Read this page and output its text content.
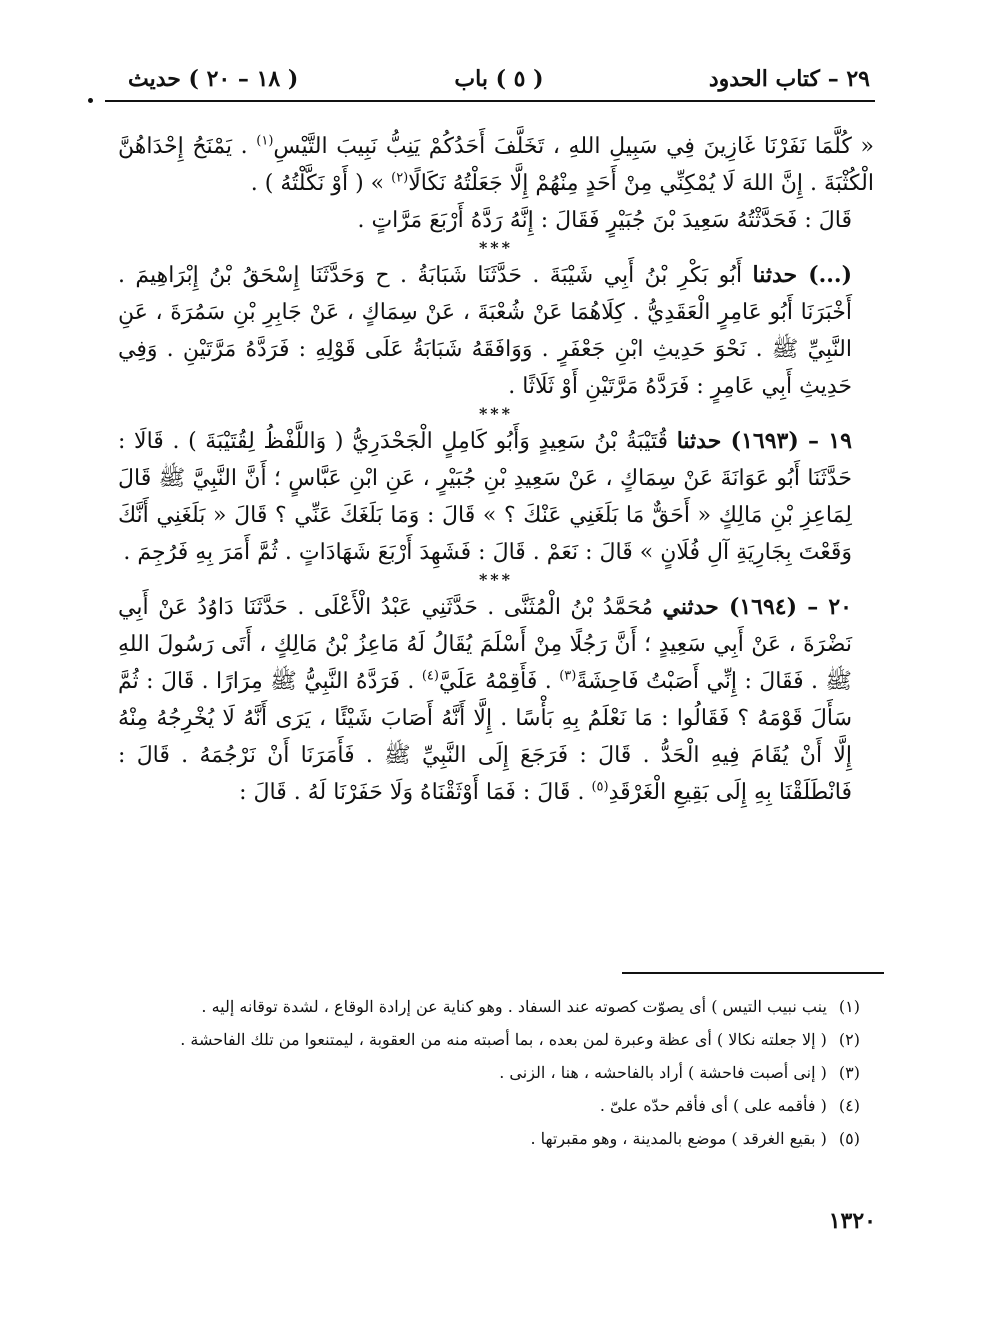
٢٩ – كتاب الحدود
( ٥ ) باب
( ١٨ – ٢٠ ) حديث

« كُلَّمَا نَفَرْنَا غَازِينَ فِي سَبِيلِ اللهِ ، تَخَلَّفَ أَحَدُكُمْ يَنِبُّ نَبِيبَ التَّيْسِ$^{(١)}$ . يَمْنَحُ إِحْدَاهُنَّ الْكُثْبَةَ . إِنَّ اللهَ لَا يُمْكِنِّي مِنْ أَحَدٍ مِنْهُمْ إِلَّا جَعَلْتُهُ نَكَالًا$^{(٢)}$ » ( أَوْ نَكَّلْتُهُ ) .

قَالَ : فَحَدَّثْتُهُ سَعِيدَ بْنَ جُبَيْرٍ فَقَالَ : إِنَّهُ رَدَّهُ أَرْبَعَ مَرَّاتٍ .

***

(...) حدثنا أَبُو بَكْرِ بْنُ أَبِي شَيْبَةَ . حَدَّثَنَا شَبَابَةُ . ح وَحَدَّثَنَا إِسْحَقُ بْنُ إِبْرَاهِيمَ . أَخْبَرَنَا أَبُو عَامِرٍ الْعَقَدِيُّ . كِلَاهُمَا عَنْ شُعْبَةَ ، عَنْ سِمَاكٍ ، عَنْ جَابِرِ بْنِ سَمُرَةَ ، عَنِ النَّبِيِّ ﷺ . نَحْوَ حَدِيثِ ابْنِ جَعْفَرٍ . وَوَافَقَهُ شَبَابَةُ عَلَى قَوْلِهِ : فَرَدَّهُ مَرَّتَيْنِ . وَفِي حَدِيثِ أَبِي عَامِرٍ : فَرَدَّهُ مَرَّتَيْنِ أَوْ ثَلَاثًا .

***

١٩ – (١٦٩٣) حدثنا قُتَيْبَةُ بْنُ سَعِيدٍ وَأَبُو كَامِلٍ الْجَحْدَرِيُّ ( وَاللَّفْظُ لِقُتَيْبَةَ ) . قَالَا : حَدَّثَنَا أَبُو عَوَانَةَ عَنْ سِمَاكٍ ، عَنْ سَعِيدِ بْنِ جُبَيْرٍ ، عَنِ ابْنِ عَبَّاسٍ ؛ أَنَّ النَّبِيَّ ﷺ قَالَ لِمَاعِزِ بْنِ مَالِكٍ « أَحَقٌّ مَا بَلَغَنِي عَنْكَ ؟ » قَالَ : وَمَا بَلَغَكَ عَنِّي ؟ قَالَ « بَلَغَنِي أَنَّكَ وَقَعْتَ بِجَارِيَةِ آلِ فُلَانٍ » قَالَ : نَعَمْ . قَالَ : فَشَهِدَ أَرْبَعَ شَهَادَاتٍ . ثُمَّ أَمَرَ بِهِ فَرُجِمَ .

***

٢٠ – (١٦٩٤) حدثني مُحَمَّدُ بْنُ الْمُثَنَّى . حَدَّثَنِي عَبْدُ الْأَعْلَى . حَدَّثَنَا دَاوُدُ عَنْ أَبِي نَضْرَةَ ، عَنْ أَبِي سَعِيدٍ ؛ أَنَّ رَجُلًا مِنْ أَسْلَمَ يُقَالُ لَهُ مَاعِزُ بْنُ مَالِكٍ ، أَتَى رَسُولَ اللهِ ﷺ . فَقَالَ : إِنِّي أَصَبْتُ فَاحِشَةً$^{(٣)}$ . فَأَقِمْهُ عَلَيَّ$^{(٤)}$ . فَرَدَّهُ النَّبِيُّ ﷺ مِرَارًا . قَالَ : ثُمَّ سَأَلَ قَوْمَهُ ؟ فَقَالُوا : مَا نَعْلَمُ بِهِ بَأْسًا . إِلَّا أَنَّهُ أَصَابَ شَيْئًا ، يَرَى أَنَّهُ لَا يُخْرِجُهُ مِنْهُ إِلَّا أَنْ يُقَامَ فِيهِ الْحَدُّ . قَالَ : فَرَجَعَ إِلَى النَّبِيِّ ﷺ . فَأَمَرَنَا أَنْ نَرْجُمَهُ . قَالَ : فَانْطَلَقْنَا بِهِ إِلَى بَقِيعِ الْغَرْقَدِ$^{(٥)}$ . قَالَ : فَمَا أَوْثَقْنَاهُ وَلَا حَفَرْنَا لَهُ . قَالَ :

(١)ينب نبيب التيس ) أى يصوّت كصوته عند السفاد . وهو كناية عن إرادة الوقاع ، لشدة توقانه إليه .
(٢)( إلا جعلته نكالا ) أى عظة وعبرة لمن بعده ، بما أصبته منه من العقوبة ، ليمتنعوا من تلك الفاحشة .
(٣)( إنى أصبت فاحشة ) أراد بالفاحشه ، هنا ، الزنى .
(٤)( فأقمه على ) أى فأقم حدّه علىّ .
(٥)( بقيع الغرقد ) موضع بالمدينة ، وهو مقبرتها .
١٣٢٠
